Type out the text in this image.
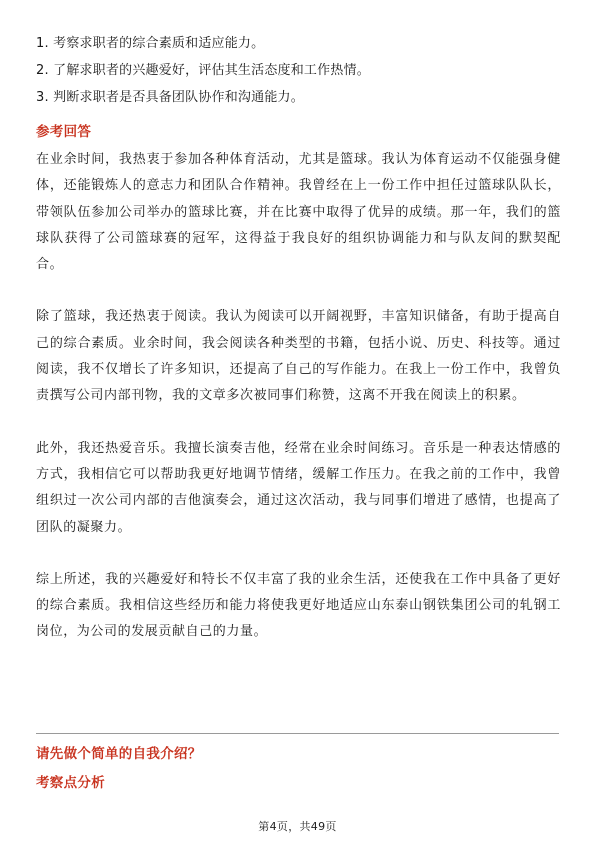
1. 考察求职者的综合素质和适应能力。
2. 了解求职者的兴趣爱好，评估其生活态度和工作热情。
3. 判断求职者是否具备团队协作和沟通能力。
参考回答

在业余时间，我热衷于参加各种体育活动，尤其是篮球。我认为体育运动不仅能强身健体，还能锻炼人的意志力和团队合作精神。我曾经在上一份工作中担任过篮球队队长，带领队伍参加公司举办的篮球比赛，并在比赛中取得了优异的成绩。那一年，我们的篮球队获得了公司篮球赛的冠军，这得益于我良好的组织协调能力和与队友间的默契配合。

除了篮球，我还热衷于阅读。我认为阅读可以开阔视野，丰富知识储备，有助于提高自己的综合素质。业余时间，我会阅读各种类型的书籍，包括小说、历史、科技等。通过阅读，我不仅增长了许多知识，还提高了自己的写作能力。在我上一份工作中，我曾负责撰写公司内部刊物，我的文章多次被同事们称赞，这离不开我在阅读上的积累。

此外，我还热爱音乐。我擅长演奏吉他，经常在业余时间练习。音乐是一种表达情感的方式，我相信它可以帮助我更好地调节情绪，缓解工作压力。在我之前的工作中，我曾组织过一次公司内部的吉他演奏会，通过这次活动，我与同事们增进了感情，也提高了团队的凝聚力。

综上所述，我的兴趣爱好和特长不仅丰富了我的业余生活，还使我在工作中具备了更好的综合素质。我相信这些经历和能力将使我更好地适应山东泰山钢铁集团公司的轧钢工岗位，为公司的发展贡献自己的力量。

请先做个简单的自我介绍？
考察点分析
第4页，共49页
